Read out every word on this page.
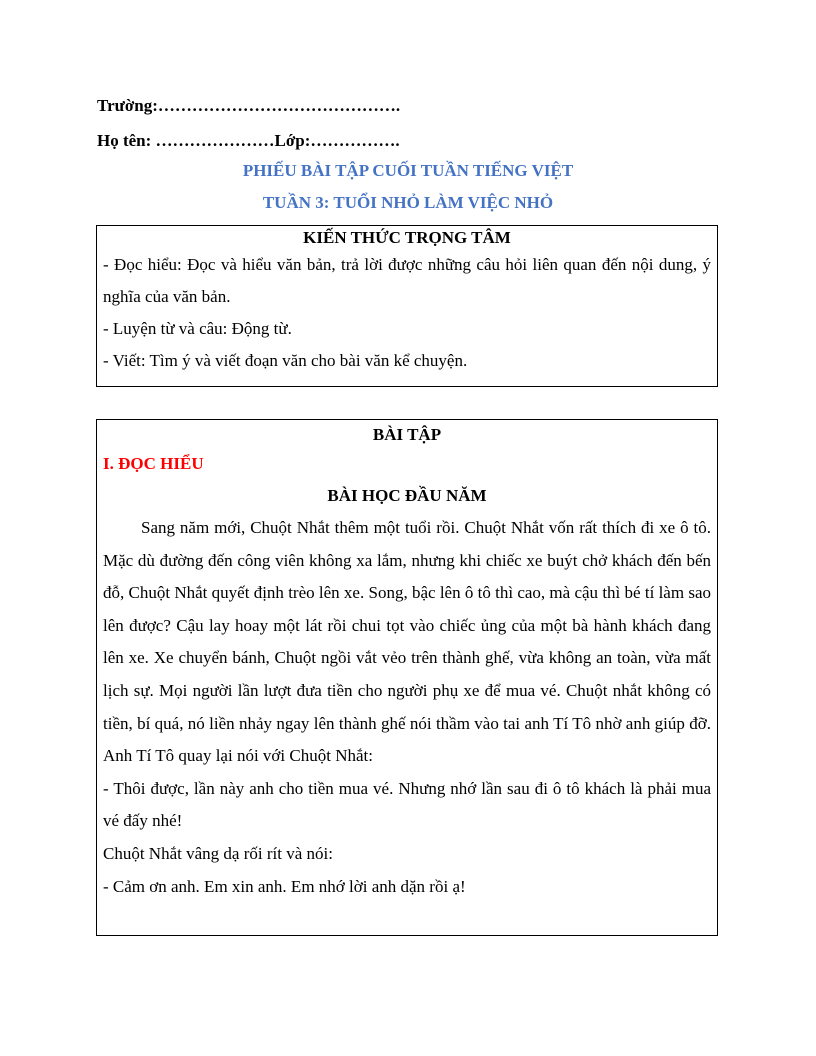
Trường:…………………………………….
Họ tên: …………………Lớp:…………….
PHIẾU BÀI TẬP CUỐI TUẦN TIẾNG VIỆT
TUẦN 3: TUỔI NHỎ LÀM VIỆC NHỎ
KIẾN THỨC TRỌNG TÂM
- Đọc hiểu: Đọc và hiểu văn bản, trả lời được những câu hỏi liên quan đến nội dung, ý nghĩa của văn bản.
- Luyện từ và câu: Động từ.
- Viết: Tìm ý và viết đoạn văn cho bài văn kể chuyện.
BÀI TẬP
I. ĐỌC HIỂU
BÀI HỌC ĐẦU NĂM

Sang năm mới, Chuột Nhắt thêm một tuổi rồi. Chuột Nhắt vốn rất thích đi xe ô tô. Mặc dù đường đến công viên không xa lắm, nhưng khi chiếc xe buýt chở khách đến bến đỗ, Chuột Nhắt quyết định trèo lên xe. Song, bậc lên ô tô thì cao, mà cậu thì bé tí làm sao lên được? Cậu lay hoay một lát rồi chui tọt vào chiếc ủng của một bà hành khách đang lên xe. Xe chuyển bánh, Chuột ngồi vắt vẻo trên thành ghế, vừa không an toàn, vừa mất lịch sự. Mọi người lần lượt đưa tiền cho người phụ xe để mua vé. Chuột nhắt không có tiền, bí quá, nó liền nhảy ngay lên thành ghế nói thầm vào tai anh Tí Tô nhờ anh giúp đỡ. Anh Tí Tô quay lại nói với Chuột Nhắt:

- Thôi được, lần này anh cho tiền mua vé. Nhưng nhớ lần sau đi ô tô khách là phải mua vé đấy nhé!

Chuột Nhắt vâng dạ rối rít và nói:

- Cảm ơn anh. Em xin anh. Em nhớ lời anh dặn rồi ạ!
